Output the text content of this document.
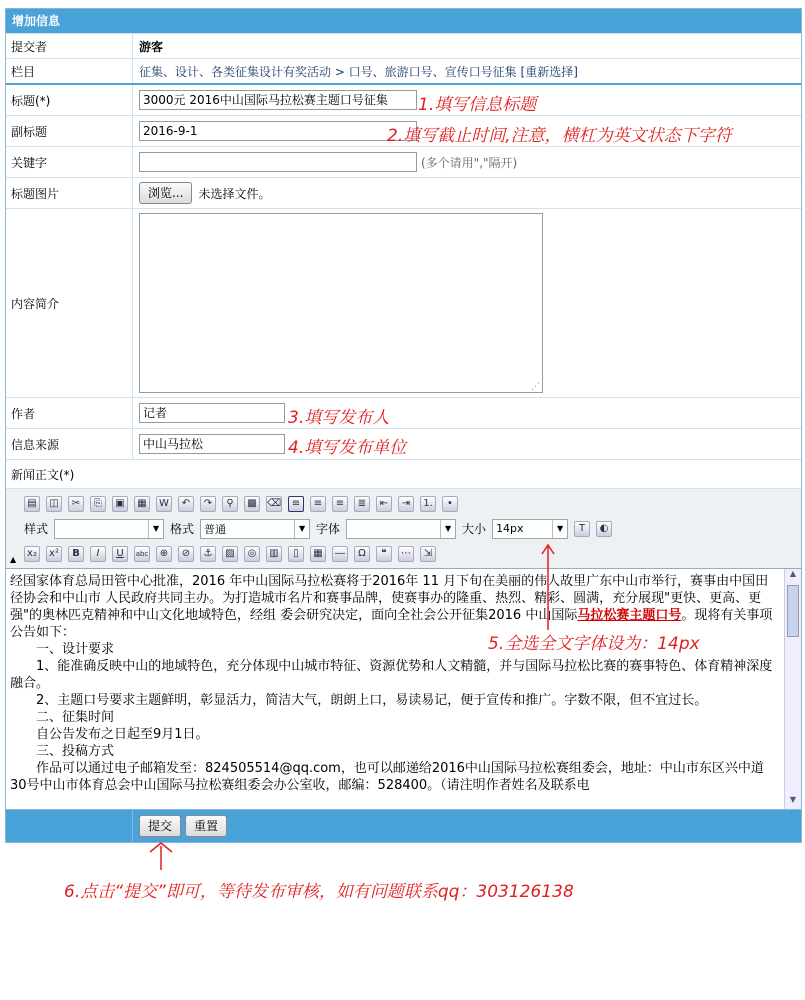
增加信息
提交者	游客
栏目	征集、设计、各类征集设计有奖活动 > 口号、旅游口号、宣传口号征集
[重新选择]
标题(*)	3000元 2016中山国际马拉松赛主题口号征集
副标题	2016-9-1
关键字	(多个请用","隔开)
标题图片	浏览...	未选择文件。
内容简介
⋰
作者	记者
信息来源	中山马拉松
新闻正文(*)
▤	◫	✂	⎘	▣	▦	W	↶	↷	⚲	▩	⌫	≡	≡	≡	≣	⇤	⇥	1.	•
样式	▼ 格式 普通	▼ 字体	▼ 大小 14px	▼	T	◐
x₂	x²	B	I	U	abc	⊕	⊘	⚓	▨	◎	▥	▯	▦	―	Ω	❝	⋯	⇲
▲

经国家体育总局田管中心批准，2016 年中山国际马拉松赛将于2016年 11 月下旬在美丽的伟人故里广东中山市举行，赛事由中国田径协会和中山市 人民政府共同主办。为打造城市名片和赛事品牌，使赛事办的隆重、热烈、精彩、圆满，充分展现"更快、更高、更强"的奥林匹克精神和中山文化地域特色，经组 委会研究决定，面向全社会公开征集2016 中山国际马拉松赛主题口号。现将有关事项公告如下：

一、设计要求

1、能准确反映中山的地域特色，充分体现中山城市特征、资源优势和人文精髓，并与国际马拉松比赛的赛事特色、体育精神深度融合。

2、主题口号要求主题鲜明，彰显活力，简洁大气，朗朗上口，易读易记，便于宣传和推广。字数不限，但不宜过长。

二、征集时间

自公告发布之日起至9月1日。

三、投稿方式

作品可以通过电子邮箱发至：824505514@qq.com，也可以邮递给2016中山国际马拉松赛组委会，地址：中山市东区兴中道30号中山市体育总会中山国际马拉松赛组委会办公室收，邮编：528400。（请注明作者姓名及联系电

▲
▼
提交	重置
1.填写信息标题
2.填写截止时间,注意，横杠为英文状态下字符
3.填写发布人
4.填写发布单位
5.全选全文字体设为：14px
6.点击“提交”即可，等待发布审核，如有问题联系qq：303126138
